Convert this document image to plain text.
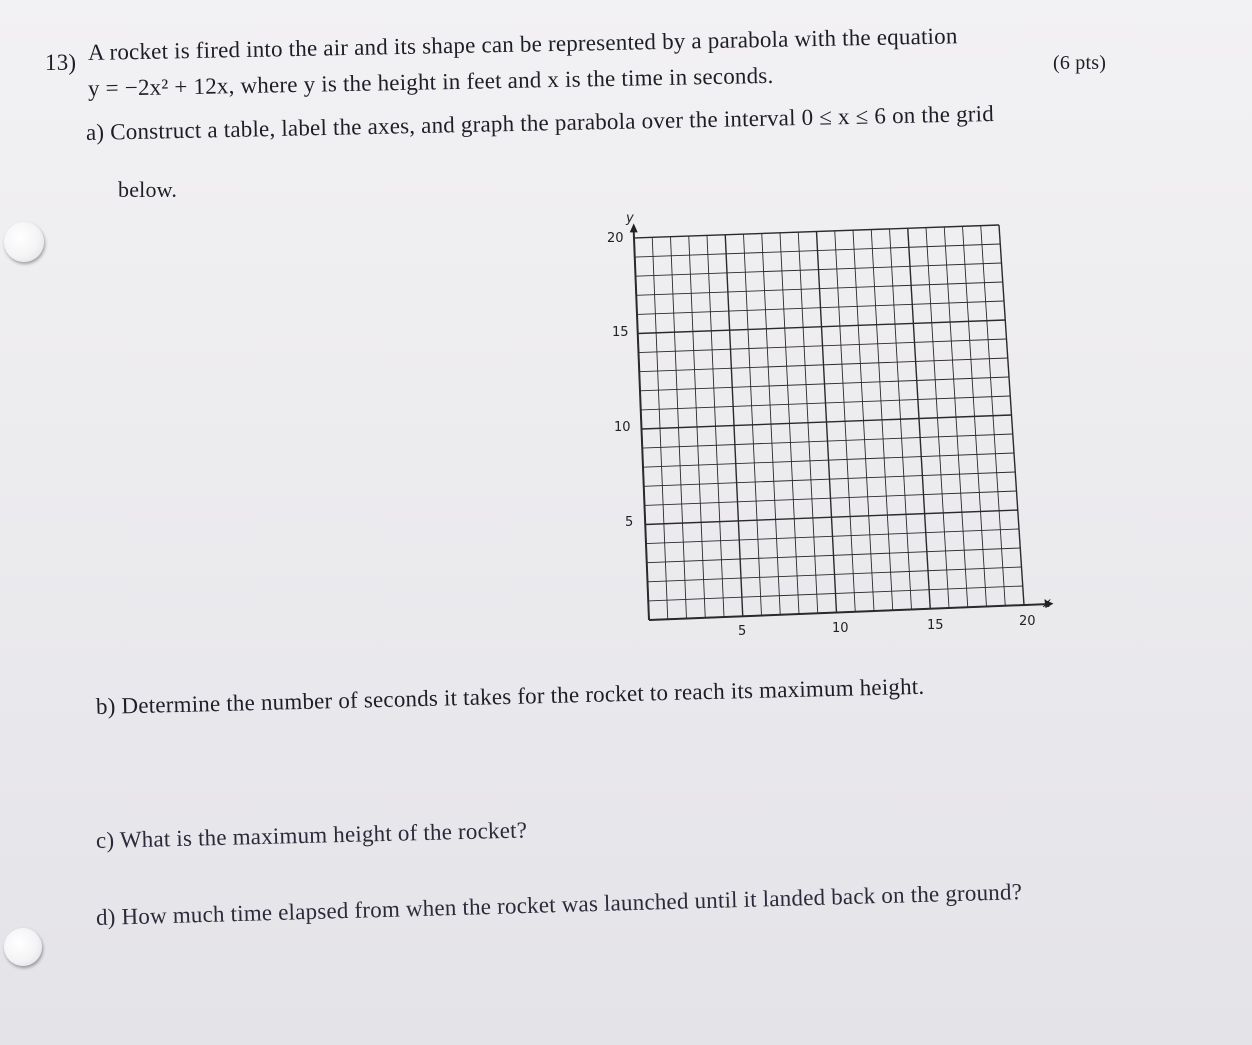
13) A rocket is fired into the air and its shape can be represented by a parabola with the equation
y = −2x² + 12x, where y is the height in feet and x is the time in seconds.	(6 pts)
a) Construct a table, label the axes, and graph the parabola over the interval 0 ≤ x ≤ 6 on the grid
below.
y
x
20
15
10
5
5	10	15	20
b) Determine the number of seconds it takes for the rocket to reach its maximum height.
c) What is the maximum height of the rocket?
d) How much time elapsed from when the rocket was launched until it landed back on the ground?
